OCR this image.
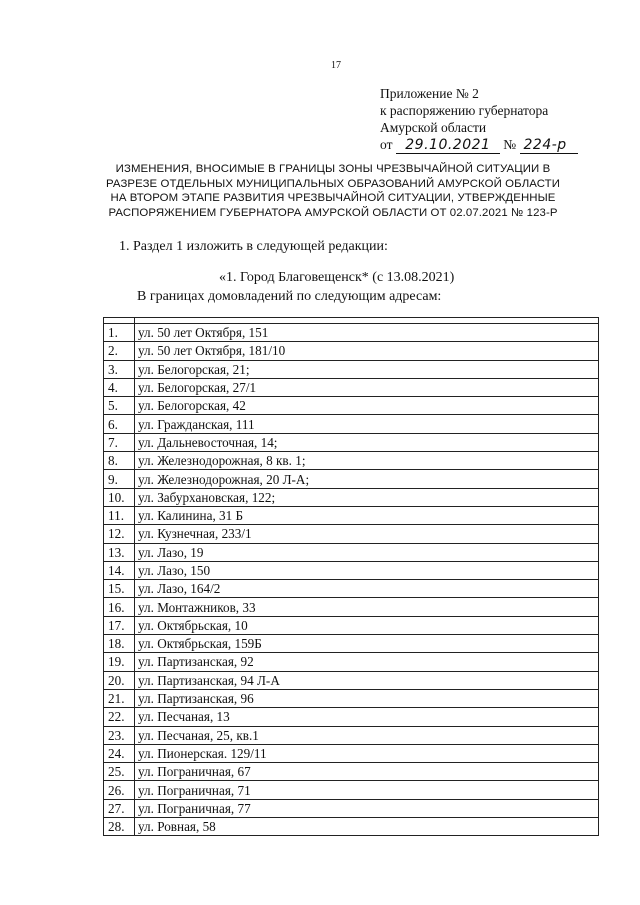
17
Приложение № 2
к распоряжению губернатора
Амурской области
от 29.10.2021 № 224-р
ИЗМЕНЕНИЯ, ВНОСИМЫЕ В ГРАНИЦЫ ЗОНЫ ЧРЕЗВЫЧАЙНОЙ СИТУАЦИИ В
РАЗРЕЗЕ ОТДЕЛЬНЫХ МУНИЦИПАЛЬНЫХ ОБРАЗОВАНИЙ АМУРСКОЙ ОБЛАСТИ
НА ВТОРОМ ЭТАПЕ РАЗВИТИЯ ЧРЕЗВЫЧАЙНОЙ СИТУАЦИИ, УТВЕРЖДЕННЫЕ
РАСПОРЯЖЕНИЕМ ГУБЕРНАТОРА АМУРСКОЙ ОБЛАСТИ ОТ 02.07.2021 № 123-Р
1. Раздел 1 изложить в следующей редакции:
«1. Город Благовещенск* (с 13.08.2021)
В границах домовладений по следующим адресам:

1.	ул. 50 лет Октября, 151
2.	ул. 50 лет Октября, 181/10
3.	ул. Белогорская, 21;
4.	ул. Белогорская, 27/1
5.	ул. Белогорская, 42
6.	ул. Гражданская, 111
7.	ул. Дальневосточная, 14;
8.	ул. Железнодорожная, 8 кв. 1;
9.	ул. Железнодорожная, 20 Л-А;
10.	ул. Забурхановская, 122;
11.	ул. Калинина, 31 Б
12.	ул. Кузнечная, 233/1
13.	ул. Лазо, 19
14.	ул. Лазо, 150
15.	ул. Лазо, 164/2
16.	ул. Монтажников, 33
17.	ул. Октябрьская, 10
18.	ул. Октябрьская, 159Б
19.	ул. Партизанская, 92
20.	ул. Партизанская, 94 Л-А
21.	ул. Партизанская, 96
22.	ул. Песчаная, 13
23.	ул. Песчаная, 25, кв.1
24.	ул. Пионерская. 129/11
25.	ул. Пограничная, 67
26.	ул. Пограничная, 71
27.	ул. Пограничная, 77
28.	ул. Ровная, 58
